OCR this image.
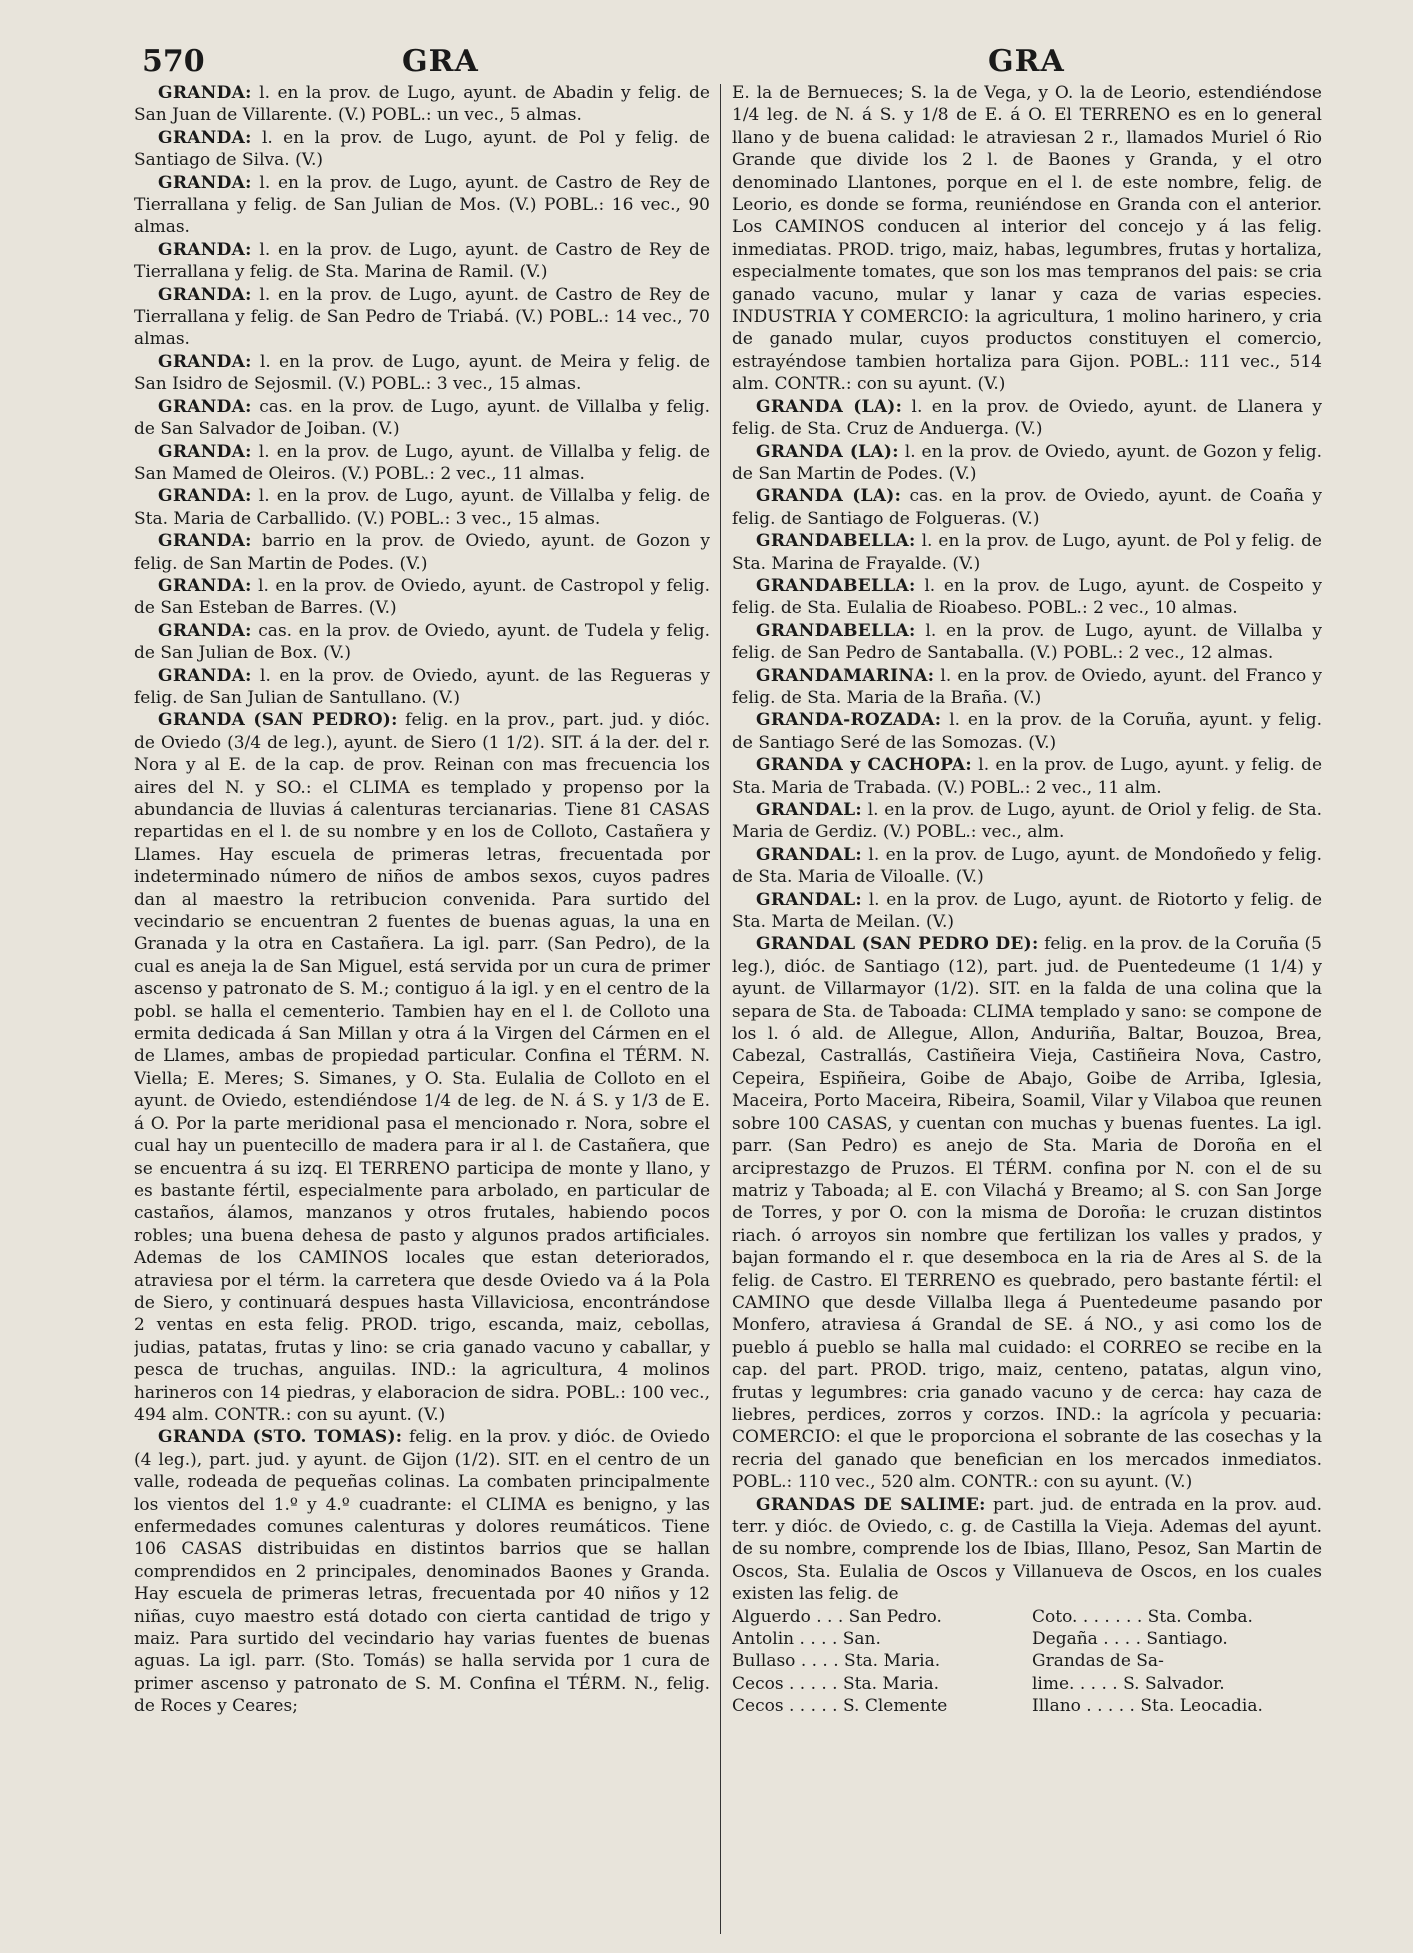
570	GRA	GRA

GRANDA: l. en la prov. de Lugo, ayunt. de Abadin y felig. de San Juan de Villarente. (V.) POBL.: un vec., 5 almas.

GRANDA: l. en la prov. de Lugo, ayunt. de Pol y felig. de Santiago de Silva. (V.)

GRANDA: l. en la prov. de Lugo, ayunt. de Castro de Rey de Tierrallana y felig. de San Julian de Mos. (V.) POBL.: 16 vec., 90 almas.

GRANDA: l. en la prov. de Lugo, ayunt. de Castro de Rey de Tierrallana y felig. de Sta. Marina de Ramil. (V.)

GRANDA: l. en la prov. de Lugo, ayunt. de Castro de Rey de Tierrallana y felig. de San Pedro de Triabá. (V.) POBL.: 14 vec., 70 almas.

GRANDA: l. en la prov. de Lugo, ayunt. de Meira y felig. de San Isidro de Sejosmil. (V.) POBL.: 3 vec., 15 almas.

GRANDA: cas. en la prov. de Lugo, ayunt. de Villalba y felig. de San Salvador de Joiban. (V.)

GRANDA: l. en la prov. de Lugo, ayunt. de Villalba y felig. de San Mamed de Oleiros. (V.) POBL.: 2 vec., 11 almas.

GRANDA: l. en la prov. de Lugo, ayunt. de Villalba y felig. de Sta. Maria de Carballido. (V.) POBL.: 3 vec., 15 almas.

GRANDA: barrio en la prov. de Oviedo, ayunt. de Gozon y felig. de San Martin de Podes. (V.)

GRANDA: l. en la prov. de Oviedo, ayunt. de Castropol y felig. de San Esteban de Barres. (V.)

GRANDA: cas. en la prov. de Oviedo, ayunt. de Tudela y felig. de San Julian de Box. (V.)

GRANDA: l. en la prov. de Oviedo, ayunt. de las Regueras y felig. de San Julian de Santullano. (V.)

GRANDA (SAN PEDRO): felig. en la prov., part. jud. y dióc. de Oviedo (3/4 de leg.), ayunt. de Siero (1 1/2). SIT. á la der. del r. Nora y al E. de la cap. de prov. Reinan con mas frecuencia los aires del N. y SO.: el CLIMA es templado y propenso por la abundancia de lluvias á calenturas tercianarias. Tiene 81 CASAS repartidas en el l. de su nombre y en los de Colloto, Castañera y Llames. Hay escuela de primeras letras, frecuentada por indeterminado número de niños de ambos sexos, cuyos padres dan al maestro la retribucion convenida. Para surtido del vecindario se encuentran 2 fuentes de buenas aguas, la una en Granada y la otra en Castañera. La igl. parr. (San Pedro), de la cual es aneja la de San Miguel, está servida por un cura de primer ascenso y patronato de S. M.; contiguo á la igl. y en el centro de la pobl. se halla el cementerio. Tambien hay en el l. de Colloto una ermita dedicada á San Millan y otra á la Virgen del Cármen en el de Llames, ambas de propiedad particular. Confina el TÉRM. N. Viella; E. Meres; S. Simanes, y O. Sta. Eulalia de Colloto en el ayunt. de Oviedo, estendiéndose 1/4 de leg. de N. á S. y 1/3 de E. á O. Por la parte meridional pasa el mencionado r. Nora, sobre el cual hay un puentecillo de madera para ir al l. de Castañera, que se encuentra á su izq. El TERRENO participa de monte y llano, y es bastante fértil, especialmente para arbolado, en particular de castaños, álamos, manzanos y otros frutales, habiendo pocos robles; una buena dehesa de pasto y algunos prados artificiales. Ademas de los CAMINOS locales que estan deteriorados, atraviesa por el térm. la carretera que desde Oviedo va á la Pola de Siero, y continuará despues hasta Villaviciosa, encontrándose 2 ventas en esta felig. PROD. trigo, escanda, maiz, cebollas, judias, patatas, frutas y lino: se cria ganado vacuno y caballar, y pesca de truchas, anguilas. IND.: la agricultura, 4 molinos harineros con 14 piedras, y elaboracion de sidra. POBL.: 100 vec., 494 alm. CONTR.: con su ayunt. (V.)

GRANDA (STO. TOMAS): felig. en la prov. y dióc. de Oviedo (4 leg.), part. jud. y ayunt. de Gijon (1/2). SIT. en el centro de un valle, rodeada de pequeñas colinas. La combaten principalmente los vientos del 1.º y 4.º cuadrante: el CLIMA es benigno, y las enfermedades comunes calenturas y dolores reumáticos. Tiene 106 CASAS distribuidas en distintos barrios que se hallan comprendidos en 2 principales, denominados Baones y Granda. Hay escuela de primeras letras, frecuentada por 40 niños y 12 niñas, cuyo maestro está dotado con cierta cantidad de trigo y maiz. Para surtido del vecindario hay varias fuentes de buenas aguas. La igl. parr. (Sto. Tomás) se halla servida por 1 cura de primer ascenso y patronato de S. M. Confina el TÉRM. N., felig. de Roces y Ceares;

E. la de Bernueces; S. la de Vega, y O. la de Leorio, estendiéndose 1/4 leg. de N. á S. y 1/8 de E. á O. El TERRENO es en lo general llano y de buena calidad: le atraviesan 2 r., llamados Muriel ó Rio Grande que divide los 2 l. de Baones y Granda, y el otro denominado Llantones, porque en el l. de este nombre, felig. de Leorio, es donde se forma, reuniéndose en Granda con el anterior. Los CAMINOS conducen al interior del concejo y á las felig. inmediatas. PROD. trigo, maiz, habas, legumbres, frutas y hortaliza, especialmente tomates, que son los mas tempranos del pais: se cria ganado vacuno, mular y lanar y caza de varias especies. INDUSTRIA Y COMERCIO: la agricultura, 1 molino harinero, y cria de ganado mular, cuyos productos constituyen el comercio, estrayéndose tambien hortaliza para Gijon. POBL.: 111 vec., 514 alm. CONTR.: con su ayunt. (V.)

GRANDA (LA): l. en la prov. de Oviedo, ayunt. de Llanera y felig. de Sta. Cruz de Anduerga. (V.)

GRANDA (LA): l. en la prov. de Oviedo, ayunt. de Gozon y felig. de San Martin de Podes. (V.)

GRANDA (LA): cas. en la prov. de Oviedo, ayunt. de Coaña y felig. de Santiago de Folgueras. (V.)

GRANDABELLA: l. en la prov. de Lugo, ayunt. de Pol y felig. de Sta. Marina de Frayalde. (V.)

GRANDABELLA: l. en la prov. de Lugo, ayunt. de Cospeito y felig. de Sta. Eulalia de Rioabeso. POBL.: 2 vec., 10 almas.

GRANDABELLA: l. en la prov. de Lugo, ayunt. de Villalba y felig. de San Pedro de Santaballa. (V.) POBL.: 2 vec., 12 almas.

GRANDAMARINA: l. en la prov. de Oviedo, ayunt. del Franco y felig. de Sta. Maria de la Braña. (V.)

GRANDA-ROZADA: l. en la prov. de la Coruña, ayunt. y felig. de Santiago Seré de las Somozas. (V.)

GRANDA y CACHOPA: l. en la prov. de Lugo, ayunt. y felig. de Sta. Maria de Trabada. (V.) POBL.: 2 vec., 11 alm.

GRANDAL: l. en la prov. de Lugo, ayunt. de Oriol y felig. de Sta. Maria de Gerdiz. (V.) POBL.: vec., alm.

GRANDAL: l. en la prov. de Lugo, ayunt. de Mondoñedo y felig. de Sta. Maria de Viloalle. (V.)

GRANDAL: l. en la prov. de Lugo, ayunt. de Riotorto y felig. de Sta. Marta de Meilan. (V.)

GRANDAL (SAN PEDRO DE): felig. en la prov. de la Coruña (5 leg.), dióc. de Santiago (12), part. jud. de Puentedeume (1 1/4) y ayunt. de Villarmayor (1/2). SIT. en la falda de una colina que la separa de Sta. de Taboada: CLIMA templado y sano: se compone de los l. ó ald. de Allegue, Allon, Anduriña, Baltar, Bouzoa, Brea, Cabezal, Castrallás, Castiñeira Vieja, Castiñeira Nova, Castro, Cepeira, Espiñeira, Goibe de Abajo, Goibe de Arriba, Iglesia, Maceira, Porto Maceira, Ribeira, Soamil, Vilar y Vilaboa que reunen sobre 100 CASAS, y cuentan con muchas y buenas fuentes. La igl. parr. (San Pedro) es anejo de Sta. Maria de Doroña en el arciprestazgo de Pruzos. El TÉRM. confina por N. con el de su matriz y Taboada; al E. con Vilachá y Breamo; al S. con San Jorge de Torres, y por O. con la misma de Doroña: le cruzan distintos riach. ó arroyos sin nombre que fertilizan los valles y prados, y bajan formando el r. que desemboca en la ria de Ares al S. de la felig. de Castro. El TERRENO es quebrado, pero bastante fértil: el CAMINO que desde Villalba llega á Puentedeume pasando por Monfero, atraviesa á Grandal de SE. á NO., y asi como los de pueblo á pueblo se halla mal cuidado: el CORREO se recibe en la cap. del part. PROD. trigo, maiz, centeno, patatas, algun vino, frutas y legumbres: cria ganado vacuno y de cerca: hay caza de liebres, perdices, zorros y corzos. IND.: la agrícola y pecuaria: COMERCIO: el que le proporciona el sobrante de las cosechas y la recria del ganado que benefician en los mercados inmediatos. POBL.: 110 vec., 520 alm. CONTR.: con su ayunt. (V.)

GRANDAS DE SALIME: part. jud. de entrada en la prov. aud. terr. y dióc. de Oviedo, c. g. de Castilla la Vieja. Ademas del ayunt. de su nombre, comprende los de Ibias, Illano, Pesoz, San Martin de Oscos, Sta. Eulalia de Oscos y Villanueva de Oscos, en los cuales existen las felig. de

Alguerdo . . . San Pedro.	Coto. . . . . . . Sta. Comba.
Antolin . . . . San.	Degaña . . . . Santiago.
Bullaso . . . . Sta. Maria.	Grandas de Sa-
Cecos . . . . . Sta. Maria.	lime. . . . . S. Salvador.
Cecos . . . . . S. Clemente	Illano . . . . . Sta. Leocadia.
